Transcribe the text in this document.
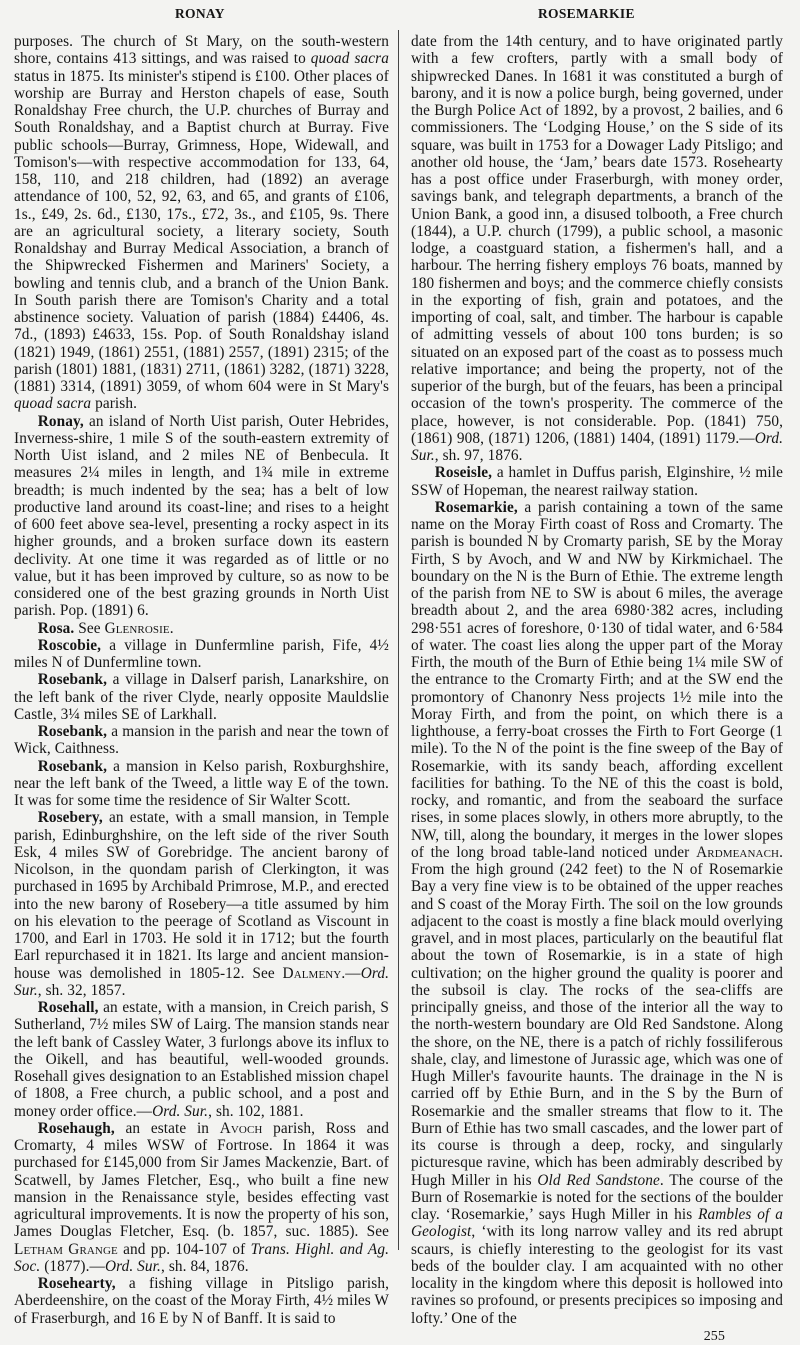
RONAY	ROSEMARKIE

purposes. The church of St Mary, on the south-western shore, contains 413 sittings, and was raised to quoad sacra status in 1875. Its minister's stipend is £100. Other places of worship are Burray and Herston chapels of ease, South Ronaldshay Free church, the U.P. churches of Burray and South Ronaldshay, and a Baptist church at Burray. Five public schools—Burray, Grimness, Hope, Widewall, and Tomison's—with respective accommodation for 133, 64, 158, 110, and 218 children, had (1892) an average attendance of 100, 52, 92, 63, and 65, and grants of £106, 1s., £49, 2s. 6d., £130, 17s., £72, 3s., and £105, 9s. There are an agricultural society, a literary society, South Ronaldshay and Burray Medical Association, a branch of the Shipwrecked Fishermen and Mariners' Society, a bowling and tennis club, and a branch of the Union Bank. In South parish there are Tomison's Charity and a total abstinence society. Valuation of parish (1884) £4406, 4s. 7d., (1893) £4633, 15s. Pop. of South Ronaldshay island (1821) 1949, (1861) 2551, (1881) 2557, (1891) 2315; of the parish (1801) 1881, (1831) 2711, (1861) 3282, (1871) 3228, (1881) 3314, (1891) 3059, of whom 604 were in St Mary's quoad sacra parish.

Ronay, an island of North Uist parish, Outer Hebrides, Inverness-shire, 1 mile S of the south-eastern extremity of North Uist island, and 2 miles NE of Benbecula. It measures 2¼ miles in length, and 1¾ mile in extreme breadth; is much indented by the sea; has a belt of low productive land around its coast-line; and rises to a height of 600 feet above sea-level, presenting a rocky aspect in its higher grounds, and a broken surface down its eastern declivity. At one time it was regarded as of little or no value, but it has been improved by culture, so as now to be considered one of the best grazing grounds in North Uist parish. Pop. (1891) 6.

Rosa. See Glenrosie.

Roscobie, a village in Dunfermline parish, Fife, 4½ miles N of Dunfermline town.

Rosebank, a village in Dalserf parish, Lanarkshire, on the left bank of the river Clyde, nearly opposite Mauldslie Castle, 3¼ miles SE of Larkhall.

Rosebank, a mansion in the parish and near the town of Wick, Caithness.

Rosebank, a mansion in Kelso parish, Roxburghshire, near the left bank of the Tweed, a little way E of the town. It was for some time the residence of Sir Walter Scott.

Rosebery, an estate, with a small mansion, in Temple parish, Edinburghshire, on the left side of the river South Esk, 4 miles SW of Gorebridge. The ancient barony of Nicolson, in the quondam parish of Clerkington, it was purchased in 1695 by Archibald Primrose, M.P., and erected into the new barony of Rosebery—a title assumed by him on his elevation to the peerage of Scotland as Viscount in 1700, and Earl in 1703. He sold it in 1712; but the fourth Earl repurchased it in 1821. Its large and ancient mansion-house was demolished in 1805-12. See Dalmeny.—Ord. Sur., sh. 32, 1857.

Rosehall, an estate, with a mansion, in Creich parish, S Sutherland, 7½ miles SW of Lairg. The mansion stands near the left bank of Cassley Water, 3 furlongs above its influx to the Oikell, and has beautiful, well-wooded grounds. Rosehall gives designation to an Established mission chapel of 1808, a Free church, a public school, and a post and money order office.—Ord. Sur., sh. 102, 1881.

Rosehaugh, an estate in Avoch parish, Ross and Cromarty, 4 miles WSW of Fortrose. In 1864 it was purchased for £145,000 from Sir James Mackenzie, Bart. of Scatwell, by James Fletcher, Esq., who built a fine new mansion in the Renaissance style, besides effecting vast agricultural improvements. It is now the property of his son, James Douglas Fletcher, Esq. (b. 1857, suc. 1885). See Letham Grange and pp. 104-107 of Trans. Highl. and Ag. Soc. (1877).—Ord. Sur., sh. 84, 1876.

Rosehearty, a fishing village in Pitsligo parish, Aberdeenshire, on the coast of the Moray Firth, 4½ miles W of Fraserburgh, and 16 E by N of Banff. It is said to

date from the 14th century, and to have originated partly with a few crofters, partly with a small body of shipwrecked Danes. In 1681 it was constituted a burgh of barony, and it is now a police burgh, being governed, under the Burgh Police Act of 1892, by a provost, 2 bailies, and 6 commissioners. The ‘Lodging House,’ on the S side of its square, was built in 1753 for a Dowager Lady Pitsligo; and another old house, the ‘Jam,’ bears date 1573. Rosehearty has a post office under Fraserburgh, with money order, savings bank, and telegraph departments, a branch of the Union Bank, a good inn, a disused tolbooth, a Free church (1844), a U.P. church (1799), a public school, a masonic lodge, a coastguard station, a fishermen's hall, and a harbour. The herring fishery employs 76 boats, manned by 180 fishermen and boys; and the commerce chiefly consists in the exporting of fish, grain and potatoes, and the importing of coal, salt, and timber. The harbour is capable of admitting vessels of about 100 tons burden; is so situated on an exposed part of the coast as to possess much relative importance; and being the property, not of the superior of the burgh, but of the feuars, has been a principal occasion of the town's prosperity. The commerce of the place, however, is not considerable. Pop. (1841) 750, (1861) 908, (1871) 1206, (1881) 1404, (1891) 1179.—Ord. Sur., sh. 97, 1876.

Roseisle, a hamlet in Duffus parish, Elginshire, ½ mile SSW of Hopeman, the nearest railway station.

Rosemarkie, a parish containing a town of the same name on the Moray Firth coast of Ross and Cromarty. The parish is bounded N by Cromarty parish, SE by the Moray Firth, S by Avoch, and W and NW by Kirkmichael. The boundary on the N is the Burn of Ethie. The extreme length of the parish from NE to SW is about 6 miles, the average breadth about 2, and the area 6980·382 acres, including 298·551 acres of foreshore, 0·130 of tidal water, and 6·584 of water. The coast lies along the upper part of the Moray Firth, the mouth of the Burn of Ethie being 1¼ mile SW of the entrance to the Cromarty Firth; and at the SW end the promontory of Chanonry Ness projects 1½ mile into the Moray Firth, and from the point, on which there is a lighthouse, a ferry-boat crosses the Firth to Fort George (1 mile). To the N of the point is the fine sweep of the Bay of Rosemarkie, with its sandy beach, affording excellent facilities for bathing. To the NE of this the coast is bold, rocky, and romantic, and from the seaboard the surface rises, in some places slowly, in others more abruptly, to the NW, till, along the boundary, it merges in the lower slopes of the long broad table-land noticed under Ardmeanach. From the high ground (242 feet) to the N of Rosemarkie Bay a very fine view is to be obtained of the upper reaches and S coast of the Moray Firth. The soil on the low grounds adjacent to the coast is mostly a fine black mould overlying gravel, and in most places, particularly on the beautiful flat about the town of Rosemarkie, is in a state of high cultivation; on the higher ground the quality is poorer and the subsoil is clay. The rocks of the sea-cliffs are principally gneiss, and those of the interior all the way to the north-western boundary are Old Red Sandstone. Along the shore, on the NE, there is a patch of richly fossiliferous shale, clay, and limestone of Jurassic age, which was one of Hugh Miller's favourite haunts. The drainage in the N is carried off by Ethie Burn, and in the S by the Burn of Rosemarkie and the smaller streams that flow to it. The Burn of Ethie has two small cascades, and the lower part of its course is through a deep, rocky, and singularly picturesque ravine, which has been admirably described by Hugh Miller in his Old Red Sandstone. The course of the Burn of Rosemarkie is noted for the sections of the boulder clay. ‘Rosemarkie,’ says Hugh Miller in his Rambles of a Geologist, ‘with its long narrow valley and its red abrupt scaurs, is chiefly interesting to the geologist for its vast beds of the boulder clay. I am acquainted with no other locality in the kingdom where this deposit is hollowed into ravines so profound, or presents precipices so imposing and lofty.’ One of the

255
